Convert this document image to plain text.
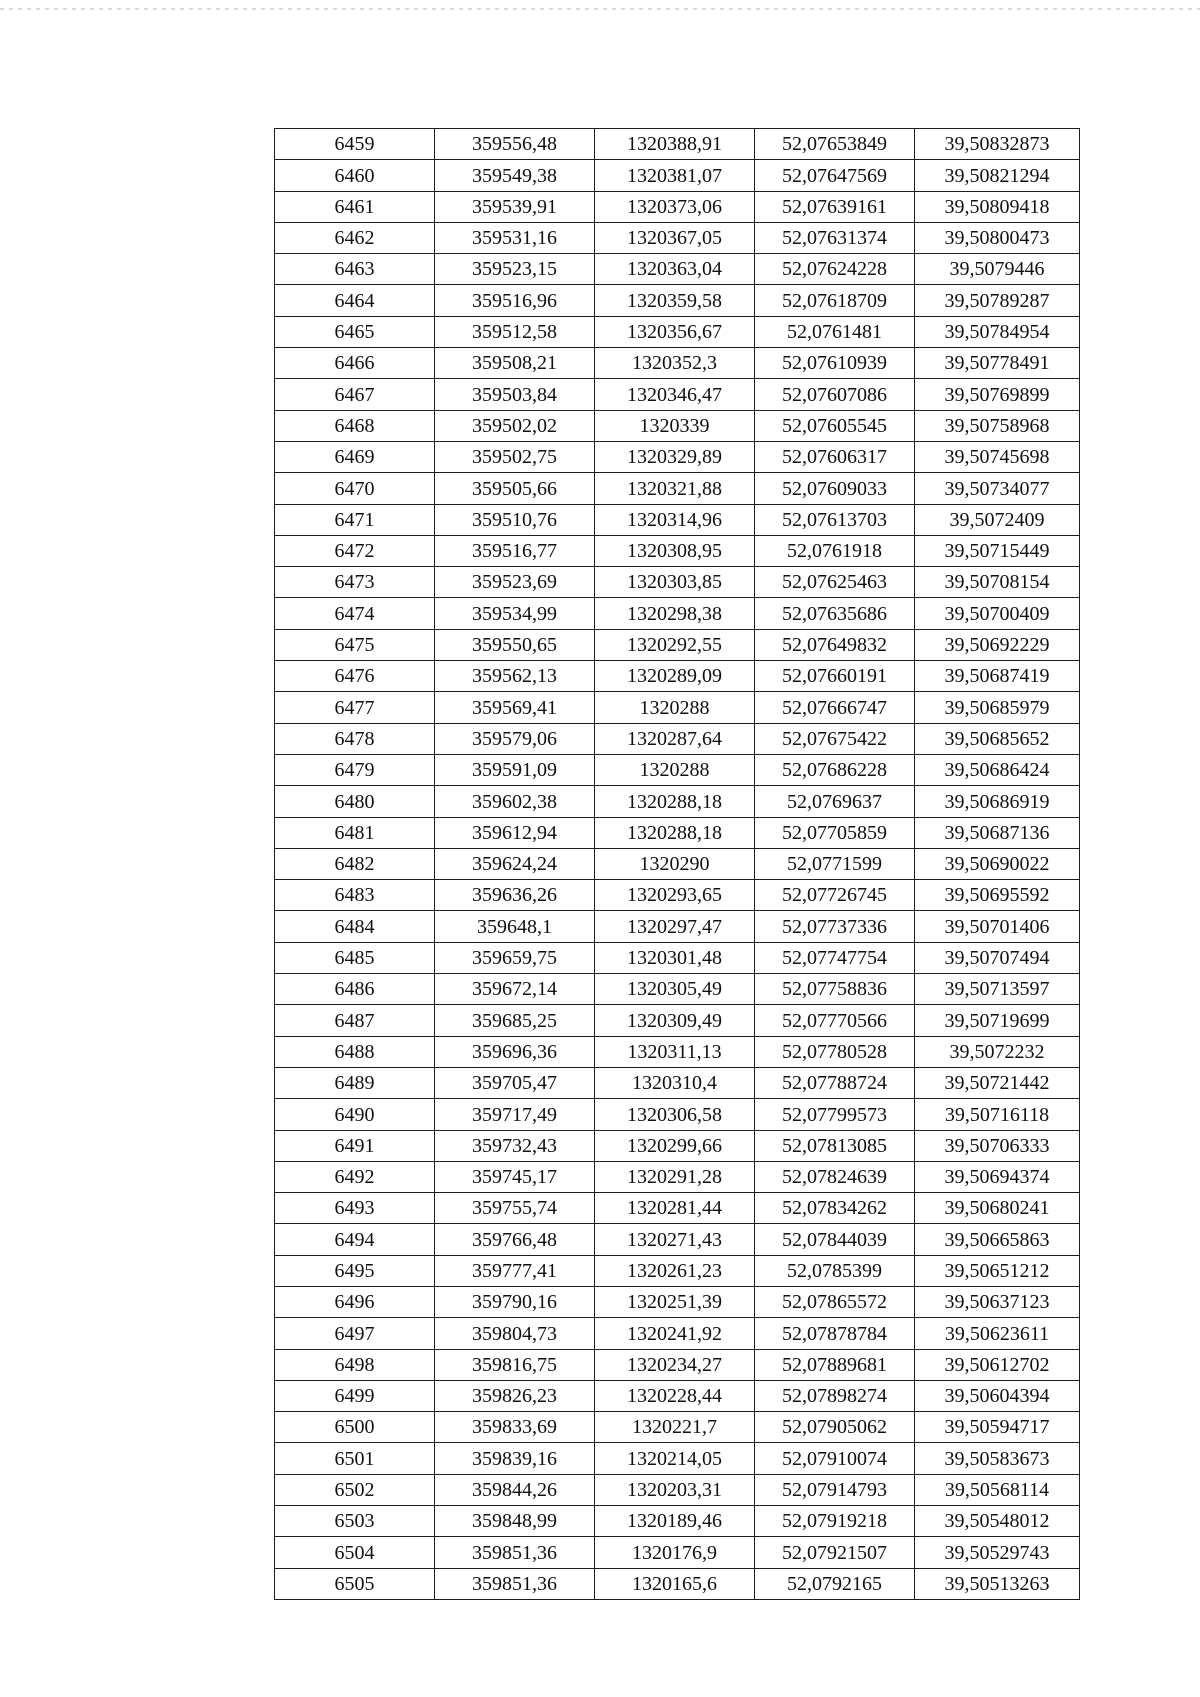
6459	359556,48	1320388,91	52,07653849	39,50832873
6460	359549,38	1320381,07	52,07647569	39,50821294
6461	359539,91	1320373,06	52,07639161	39,50809418
6462	359531,16	1320367,05	52,07631374	39,50800473
6463	359523,15	1320363,04	52,07624228	39,5079446
6464	359516,96	1320359,58	52,07618709	39,50789287
6465	359512,58	1320356,67	52,0761481	39,50784954
6466	359508,21	1320352,3	52,07610939	39,50778491
6467	359503,84	1320346,47	52,07607086	39,50769899
6468	359502,02	1320339	52,07605545	39,50758968
6469	359502,75	1320329,89	52,07606317	39,50745698
6470	359505,66	1320321,88	52,07609033	39,50734077
6471	359510,76	1320314,96	52,07613703	39,5072409
6472	359516,77	1320308,95	52,0761918	39,50715449
6473	359523,69	1320303,85	52,07625463	39,50708154
6474	359534,99	1320298,38	52,07635686	39,50700409
6475	359550,65	1320292,55	52,07649832	39,50692229
6476	359562,13	1320289,09	52,07660191	39,50687419
6477	359569,41	1320288	52,07666747	39,50685979
6478	359579,06	1320287,64	52,07675422	39,50685652
6479	359591,09	1320288	52,07686228	39,50686424
6480	359602,38	1320288,18	52,0769637	39,50686919
6481	359612,94	1320288,18	52,07705859	39,50687136
6482	359624,24	1320290	52,0771599	39,50690022
6483	359636,26	1320293,65	52,07726745	39,50695592
6484	359648,1	1320297,47	52,07737336	39,50701406
6485	359659,75	1320301,48	52,07747754	39,50707494
6486	359672,14	1320305,49	52,07758836	39,50713597
6487	359685,25	1320309,49	52,07770566	39,50719699
6488	359696,36	1320311,13	52,07780528	39,5072232
6489	359705,47	1320310,4	52,07788724	39,50721442
6490	359717,49	1320306,58	52,07799573	39,50716118
6491	359732,43	1320299,66	52,07813085	39,50706333
6492	359745,17	1320291,28	52,07824639	39,50694374
6493	359755,74	1320281,44	52,07834262	39,50680241
6494	359766,48	1320271,43	52,07844039	39,50665863
6495	359777,41	1320261,23	52,0785399	39,50651212
6496	359790,16	1320251,39	52,07865572	39,50637123
6497	359804,73	1320241,92	52,07878784	39,50623611
6498	359816,75	1320234,27	52,07889681	39,50612702
6499	359826,23	1320228,44	52,07898274	39,50604394
6500	359833,69	1320221,7	52,07905062	39,50594717
6501	359839,16	1320214,05	52,07910074	39,50583673
6502	359844,26	1320203,31	52,07914793	39,50568114
6503	359848,99	1320189,46	52,07919218	39,50548012
6504	359851,36	1320176,9	52,07921507	39,50529743
6505	359851,36	1320165,6	52,0792165	39,50513263
